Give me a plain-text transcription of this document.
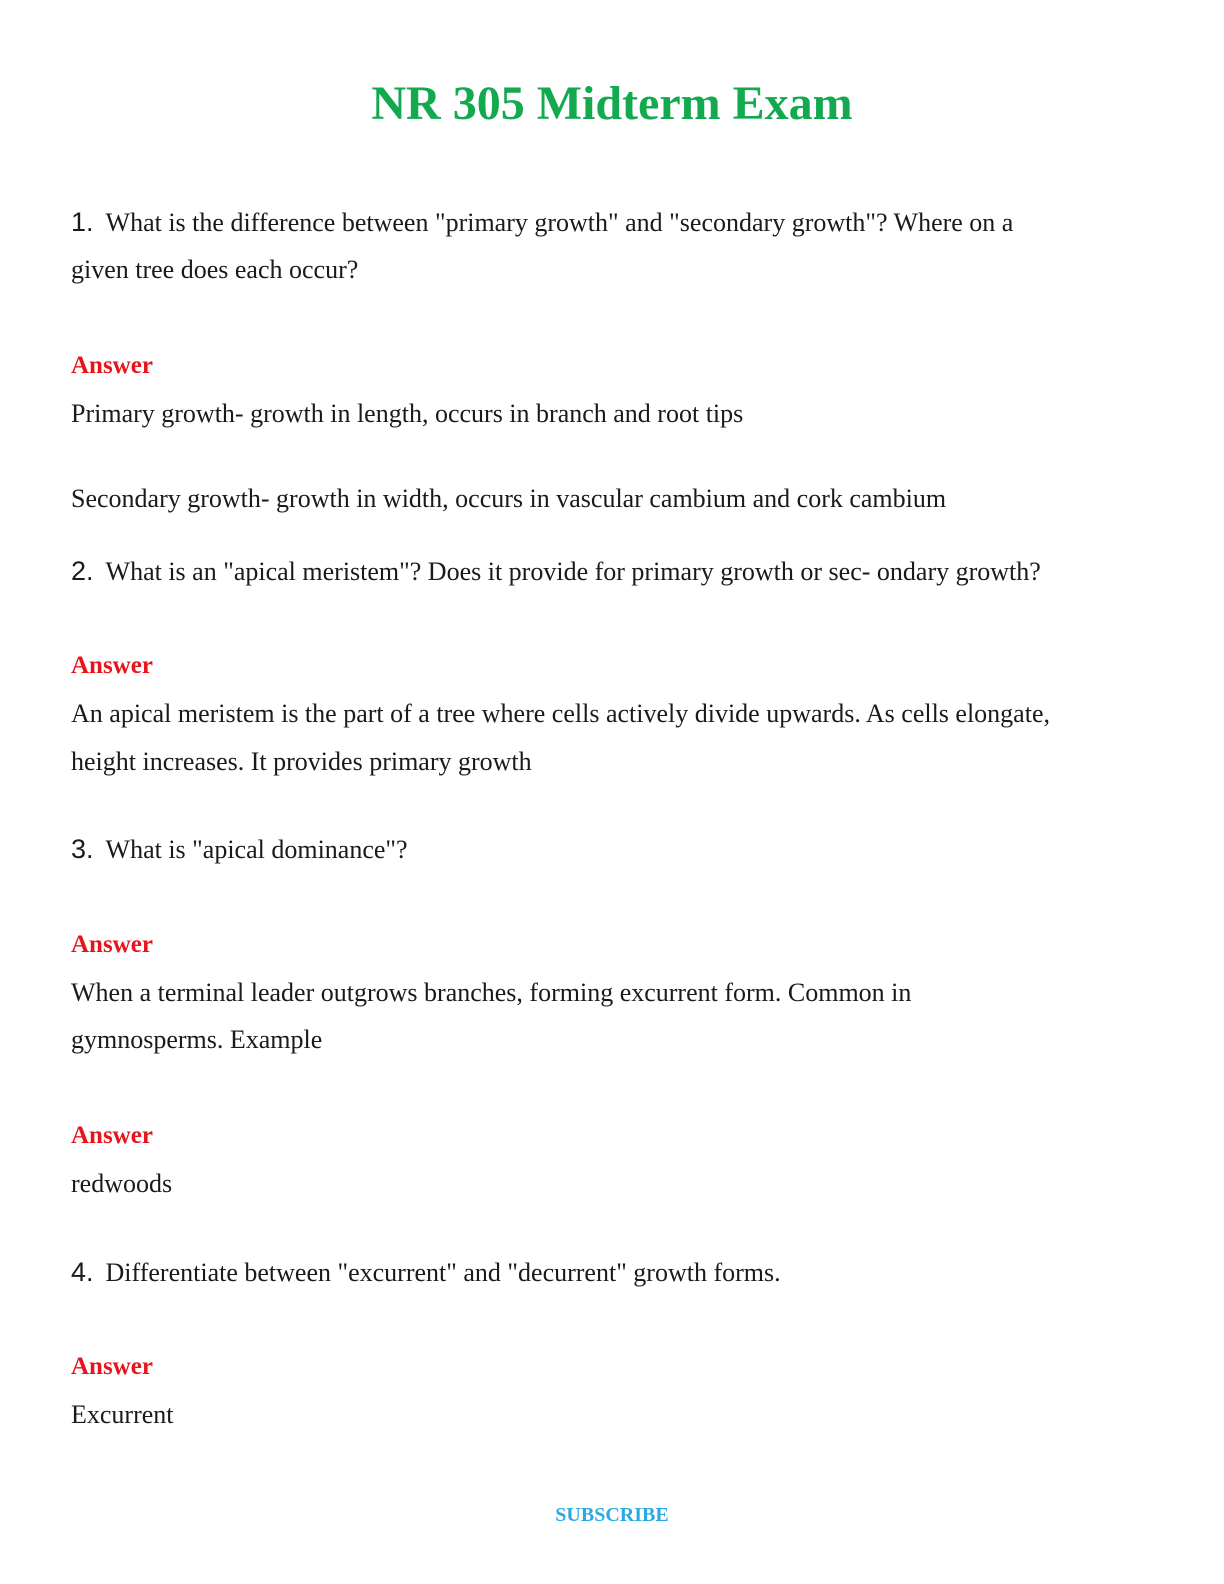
NR 305 Midterm Exam
1. What is the difference between "primary growth" and "secondary growth"? Where on a
given tree does each occur?
Answer
Primary growth- growth in length, occurs in branch and root tips
Secondary growth- growth in width, occurs in vascular cambium and cork cambium
2. What is an "apical meristem"? Does it provide for primary growth or sec- ondary growth?
Answer
An apical meristem is the part of a tree where cells actively divide upwards. As cells elongate,
height increases. It provides primary growth
3. What is "apical dominance"?
Answer
When a terminal leader outgrows branches, forming excurrent form. Common in
gymnosperms. Example
Answer
redwoods
4. Differentiate between "excurrent" and "decurrent" growth forms.
Answer
Excurrent
SUBSCRIBE
